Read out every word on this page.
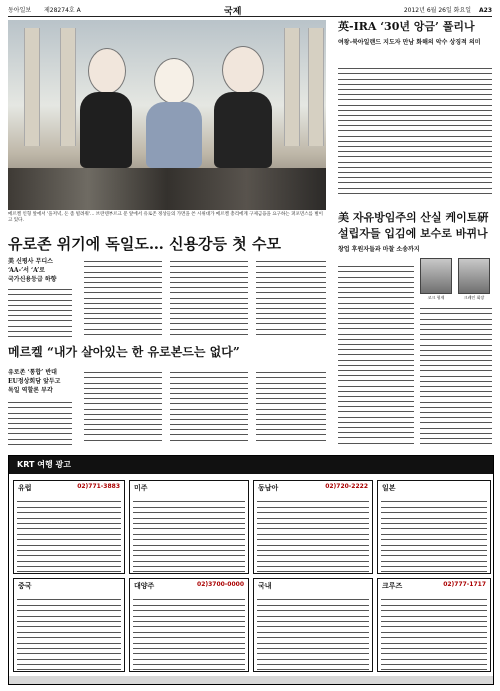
동아일보 제28274호 A	국제	2012년 6월 26일 화요일 A23
메르켈 인형 앞에서 '을저녁, 돈 좀 빌려줘'... 브란덴부르크 문 앞에서 유로존 정상들의 가면을 쓴 시위대가 메르켈 총리에게 구제금융을 요구하는 퍼포먼스를 벌이고 있다.
유로존 위기에 독일도… 신용강등 첫 수모
美 신평사 무디스
‘AA-’서 ‘A’로
국가신용등급 하향
메르켈 “내가 살아있는 한 유로본드는 없다”
유로존 ‘통합’ 반대
EU정상회담 앞두고
독일 역할론 부각
英-IRA ‘30년 앙금’ 풀리나
여왕-북아일랜드 지도자 만남 화해의 악수 상징적 의미
美 자유방임주의 산실 케이토硏 설립자들 입김에 보수로 바뀌나
창업 후원자들과 마찰 소송까지
코크 형제	크레인 회장
KRT 여행 광고
유럽	02)771-3883 미주	동남아	02)720-2222 일본
중국	대양주	02)3700-0000 국내	크루즈	02)777-1717
